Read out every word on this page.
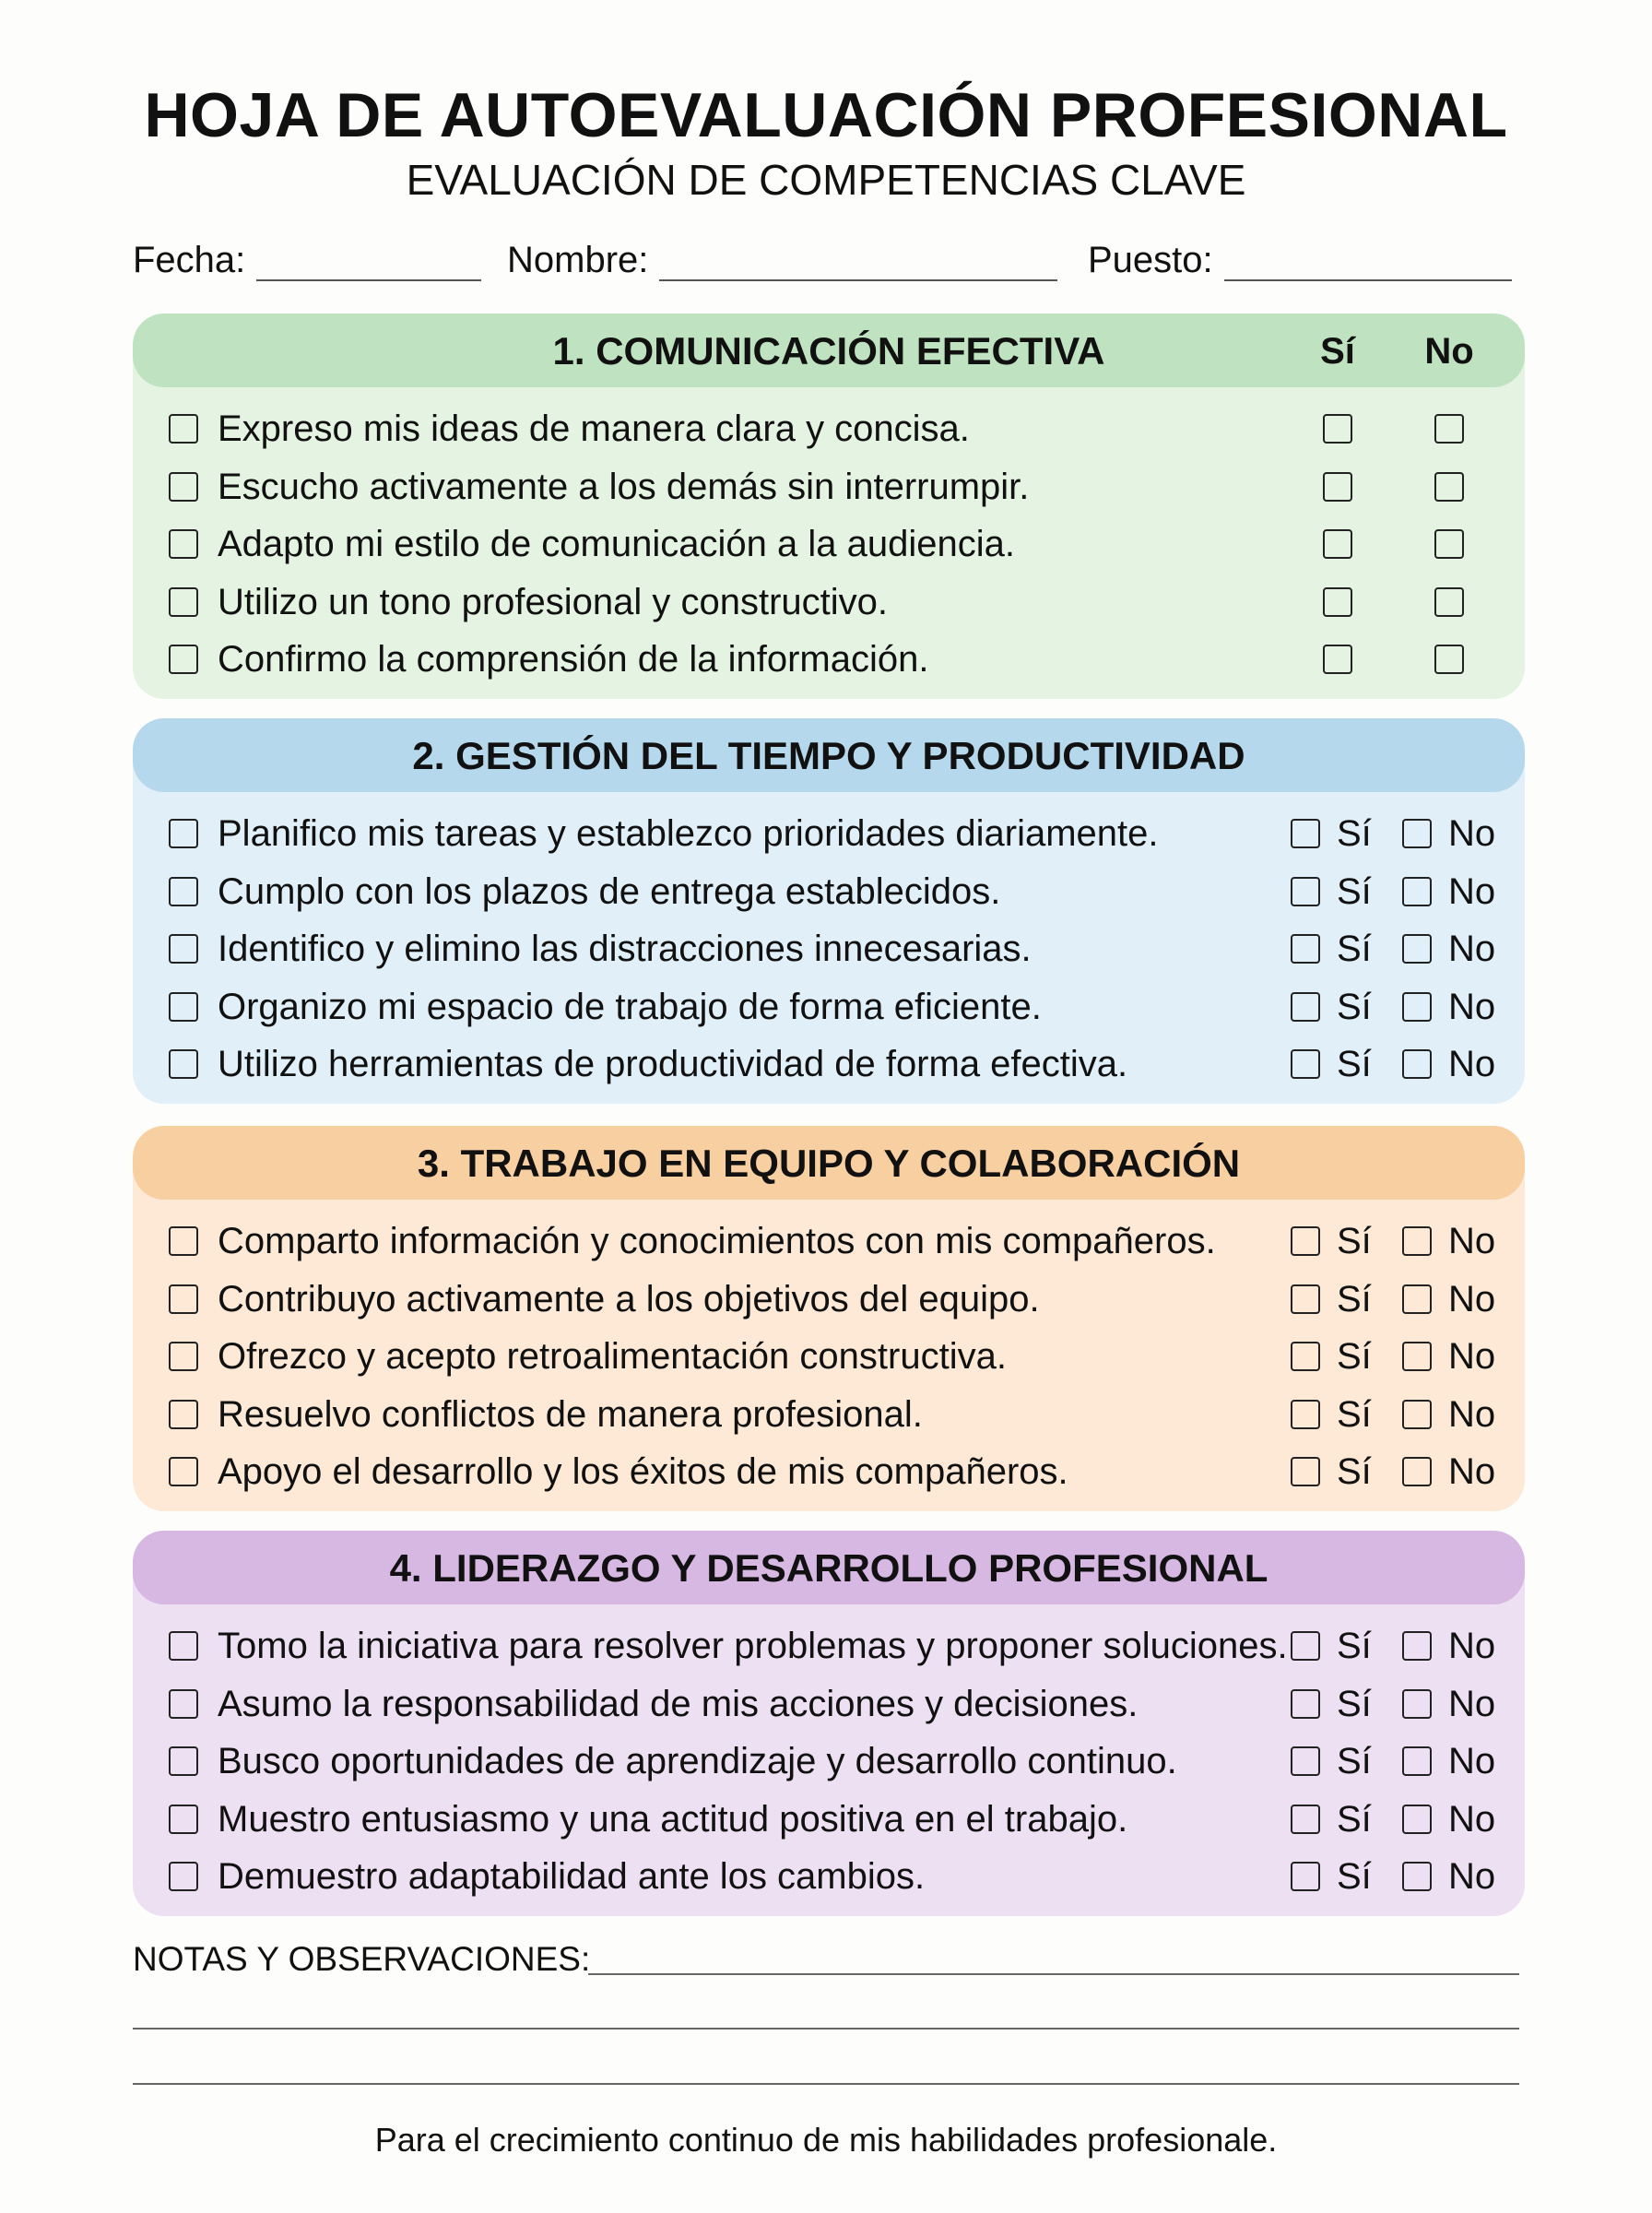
HOJA DE AUTOEVALUACIÓN PROFESIONAL
EVALUACIÓN DE COMPETENCIAS CLAVE
Fecha:	Nombre:	Puesto:
1. COMUNICACIÓN EFECTIVA	Sí	No
Expreso mis ideas de manera clara y concisa.
Escucho activamente a los demás sin interrumpir.
Adapto mi estilo de comunicación a la audiencia.
Utilizo un tono profesional y constructivo.
Confirmo la comprensión de la información.
2. GESTIÓN DEL TIEMPO Y PRODUCTIVIDAD
Planifico mis tareas y establezco prioridades diariamente.	Sí No
Cumplo con los plazos de entrega establecidos.	Sí No
Identifico y elimino las distracciones innecesarias.	Sí No
Organizo mi espacio de trabajo de forma eficiente.	Sí No
Utilizo herramientas de productividad de forma efectiva.	Sí No
3. TRABAJO EN EQUIPO Y COLABORACIÓN
Comparto información y conocimientos con mis compañeros.	Sí No
Contribuyo activamente a los objetivos del equipo.	Sí No
Ofrezco y acepto retroalimentación constructiva.	Sí No
Resuelvo conflictos de manera profesional.	Sí No
Apoyo el desarrollo y los éxitos de mis compañeros.	Sí No
4. LIDERAZGO Y DESARROLLO PROFESIONAL
Tomo la iniciativa para resolver problemas y proponer soluciones. Sí No
Asumo la responsabilidad de mis acciones y decisiones.	Sí No
Busco oportunidades de aprendizaje y desarrollo continuo.	Sí No
Muestro entusiasmo y una actitud positiva en el trabajo.	Sí No
Demuestro adaptabilidad ante los cambios.	Sí No
NOTAS Y OBSERVACIONES:
Para el crecimiento continuo de mis habilidades profesionale.
